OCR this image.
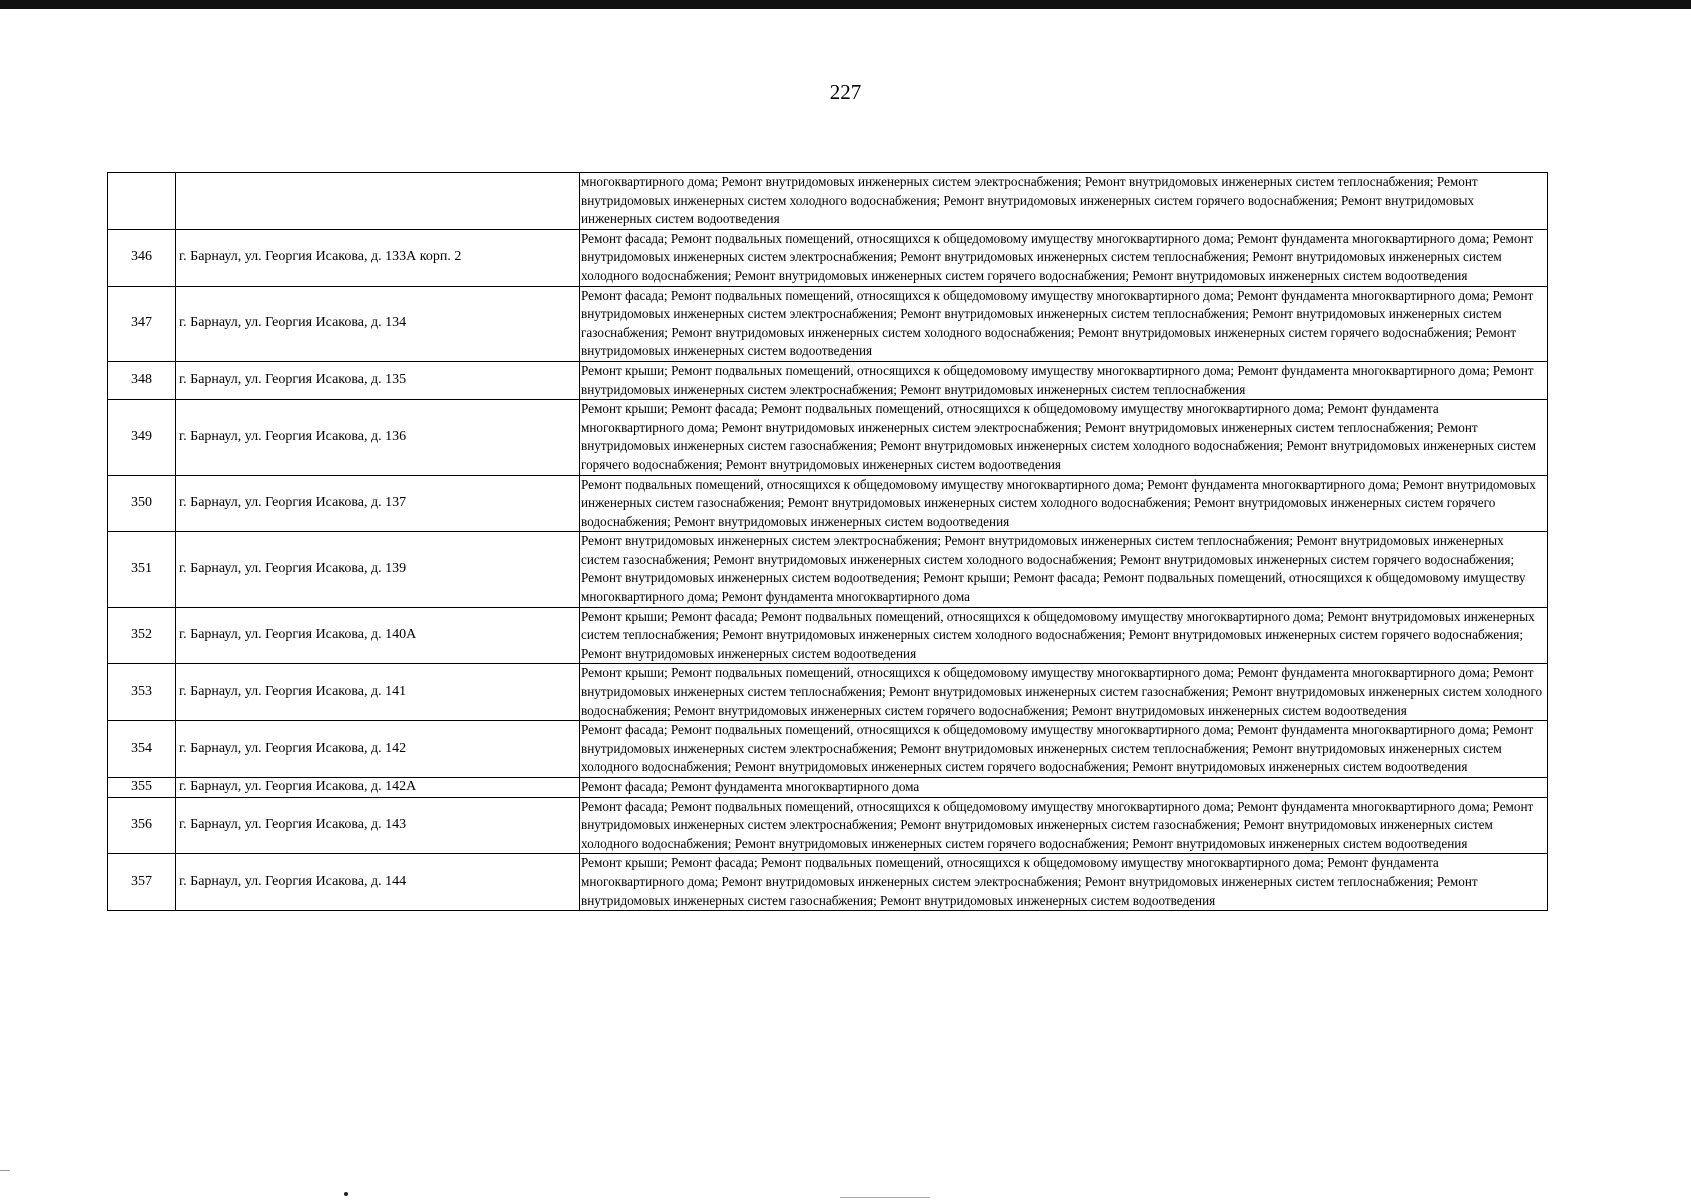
227
		многоквартирного дома; Ремонт внутридомовых инженерных систем электроснабжения; Ремонт внутридомовых инженерных систем теплоснабжения; Ремонт внутридомовых инженерных систем холодного водоснабжения; Ремонт внутридомовых инженерных систем горячего водоснабжения; Ремонт внутридомовых инженерных систем водоотведения
346	г. Барнаул, ул. Георгия Исакова, д. 133А корп. 2	Ремонт фасада; Ремонт подвальных помещений, относящихся к общедомовому имуществу многоквартирного дома; Ремонт фундамента многоквартирного дома; Ремонт внутридомовых инженерных систем электроснабжения; Ремонт внутридомовых инженерных систем теплоснабжения; Ремонт внутридомовых инженерных систем холодного водоснабжения; Ремонт внутридомовых инженерных систем горячего водоснабжения; Ремонт внутридомовых инженерных систем водоотведения
347	г. Барнаул, ул. Георгия Исакова, д. 134	Ремонт фасада; Ремонт подвальных помещений, относящихся к общедомовому имуществу многоквартирного дома; Ремонт фундамента многоквартирного дома; Ремонт внутридомовых инженерных систем электроснабжения; Ремонт внутридомовых инженерных систем теплоснабжения; Ремонт внутридомовых инженерных систем газоснабжения; Ремонт внутридомовых инженерных систем холодного водоснабжения; Ремонт внутридомовых инженерных систем горячего водоснабжения; Ремонт внутридомовых инженерных систем водоотведения
348	г. Барнаул, ул. Георгия Исакова, д. 135	Ремонт крыши; Ремонт подвальных помещений, относящихся к общедомовому имуществу многоквартирного дома; Ремонт фундамента многоквартирного дома; Ремонт внутридомовых инженерных систем электроснабжения; Ремонт внутридомовых инженерных систем теплоснабжения
349	г. Барнаул, ул. Георгия Исакова, д. 136	Ремонт крыши; Ремонт фасада; Ремонт подвальных помещений, относящихся к общедомовому имуществу многоквартирного дома; Ремонт фундамента многоквартирного дома; Ремонт внутридомовых инженерных систем электроснабжения; Ремонт внутридомовых инженерных систем теплоснабжения; Ремонт внутридомовых инженерных систем газоснабжения; Ремонт внутридомовых инженерных систем холодного водоснабжения; Ремонт внутридомовых инженерных систем горячего водоснабжения; Ремонт внутридомовых инженерных систем водоотведения
350	г. Барнаул, ул. Георгия Исакова, д. 137	Ремонт подвальных помещений, относящихся к общедомовому имуществу многоквартирного дома; Ремонт фундамента многоквартирного дома; Ремонт внутридомовых инженерных систем газоснабжения; Ремонт внутридомовых инженерных систем холодного водоснабжения; Ремонт внутридомовых инженерных систем горячего водоснабжения; Ремонт внутридомовых инженерных систем водоотведения
351	г. Барнаул, ул. Георгия Исакова, д. 139	Ремонт внутридомовых инженерных систем электроснабжения; Ремонт внутридомовых инженерных систем теплоснабжения; Ремонт внутридомовых инженерных систем газоснабжения; Ремонт внутридомовых инженерных систем холодного водоснабжения; Ремонт внутридомовых инженерных систем горячего водоснабжения; Ремонт внутридомовых инженерных систем водоотведения; Ремонт крыши; Ремонт фасада; Ремонт подвальных помещений, относящихся к общедомовому имуществу многоквартирного дома; Ремонт фундамента многоквартирного дома
352	г. Барнаул, ул. Георгия Исакова, д. 140А	Ремонт крыши; Ремонт фасада; Ремонт подвальных помещений, относящихся к общедомовому имуществу многоквартирного дома; Ремонт внутридомовых инженерных систем теплоснабжения; Ремонт внутридомовых инженерных систем холодного водоснабжения; Ремонт внутридомовых инженерных систем горячего водоснабжения; Ремонт внутридомовых инженерных систем водоотведения
353	г. Барнаул, ул. Георгия Исакова, д. 141	Ремонт крыши; Ремонт подвальных помещений, относящихся к общедомовому имуществу многоквартирного дома; Ремонт фундамента многоквартирного дома; Ремонт внутридомовых инженерных систем теплоснабжения; Ремонт внутридомовых инженерных систем газоснабжения; Ремонт внутридомовых инженерных систем холодного водоснабжения; Ремонт внутридомовых инженерных систем горячего водоснабжения; Ремонт внутридомовых инженерных систем водоотведения
354	г. Барнаул, ул. Георгия Исакова, д. 142	Ремонт фасада; Ремонт подвальных помещений, относящихся к общедомовому имуществу многоквартирного дома; Ремонт фундамента многоквартирного дома; Ремонт внутридомовых инженерных систем электроснабжения; Ремонт внутридомовых инженерных систем теплоснабжения; Ремонт внутридомовых инженерных систем холодного водоснабжения; Ремонт внутридомовых инженерных систем горячего водоснабжения; Ремонт внутридомовых инженерных систем водоотведения
355	г. Барнаул, ул. Георгия Исакова, д. 142А	Ремонт фасада; Ремонт фундамента многоквартирного дома
356	г. Барнаул, ул. Георгия Исакова, д. 143	Ремонт фасада; Ремонт подвальных помещений, относящихся к общедомовому имуществу многоквартирного дома; Ремонт фундамента многоквартирного дома; Ремонт внутридомовых инженерных систем электроснабжения; Ремонт внутридомовых инженерных систем газоснабжения; Ремонт внутридомовых инженерных систем холодного водоснабжения; Ремонт внутридомовых инженерных систем горячего водоснабжения; Ремонт внутридомовых инженерных систем водоотведения
357	г. Барнаул, ул. Георгия Исакова, д. 144	Ремонт крыши; Ремонт фасада; Ремонт подвальных помещений, относящихся к общедомовому имуществу многоквартирного дома; Ремонт фундамента многоквартирного дома; Ремонт внутридомовых инженерных систем электроснабжения; Ремонт внутридомовых инженерных систем теплоснабжения; Ремонт внутридомовых инженерных систем газоснабжения; Ремонт внутридомовых инженерных систем водоотведения
